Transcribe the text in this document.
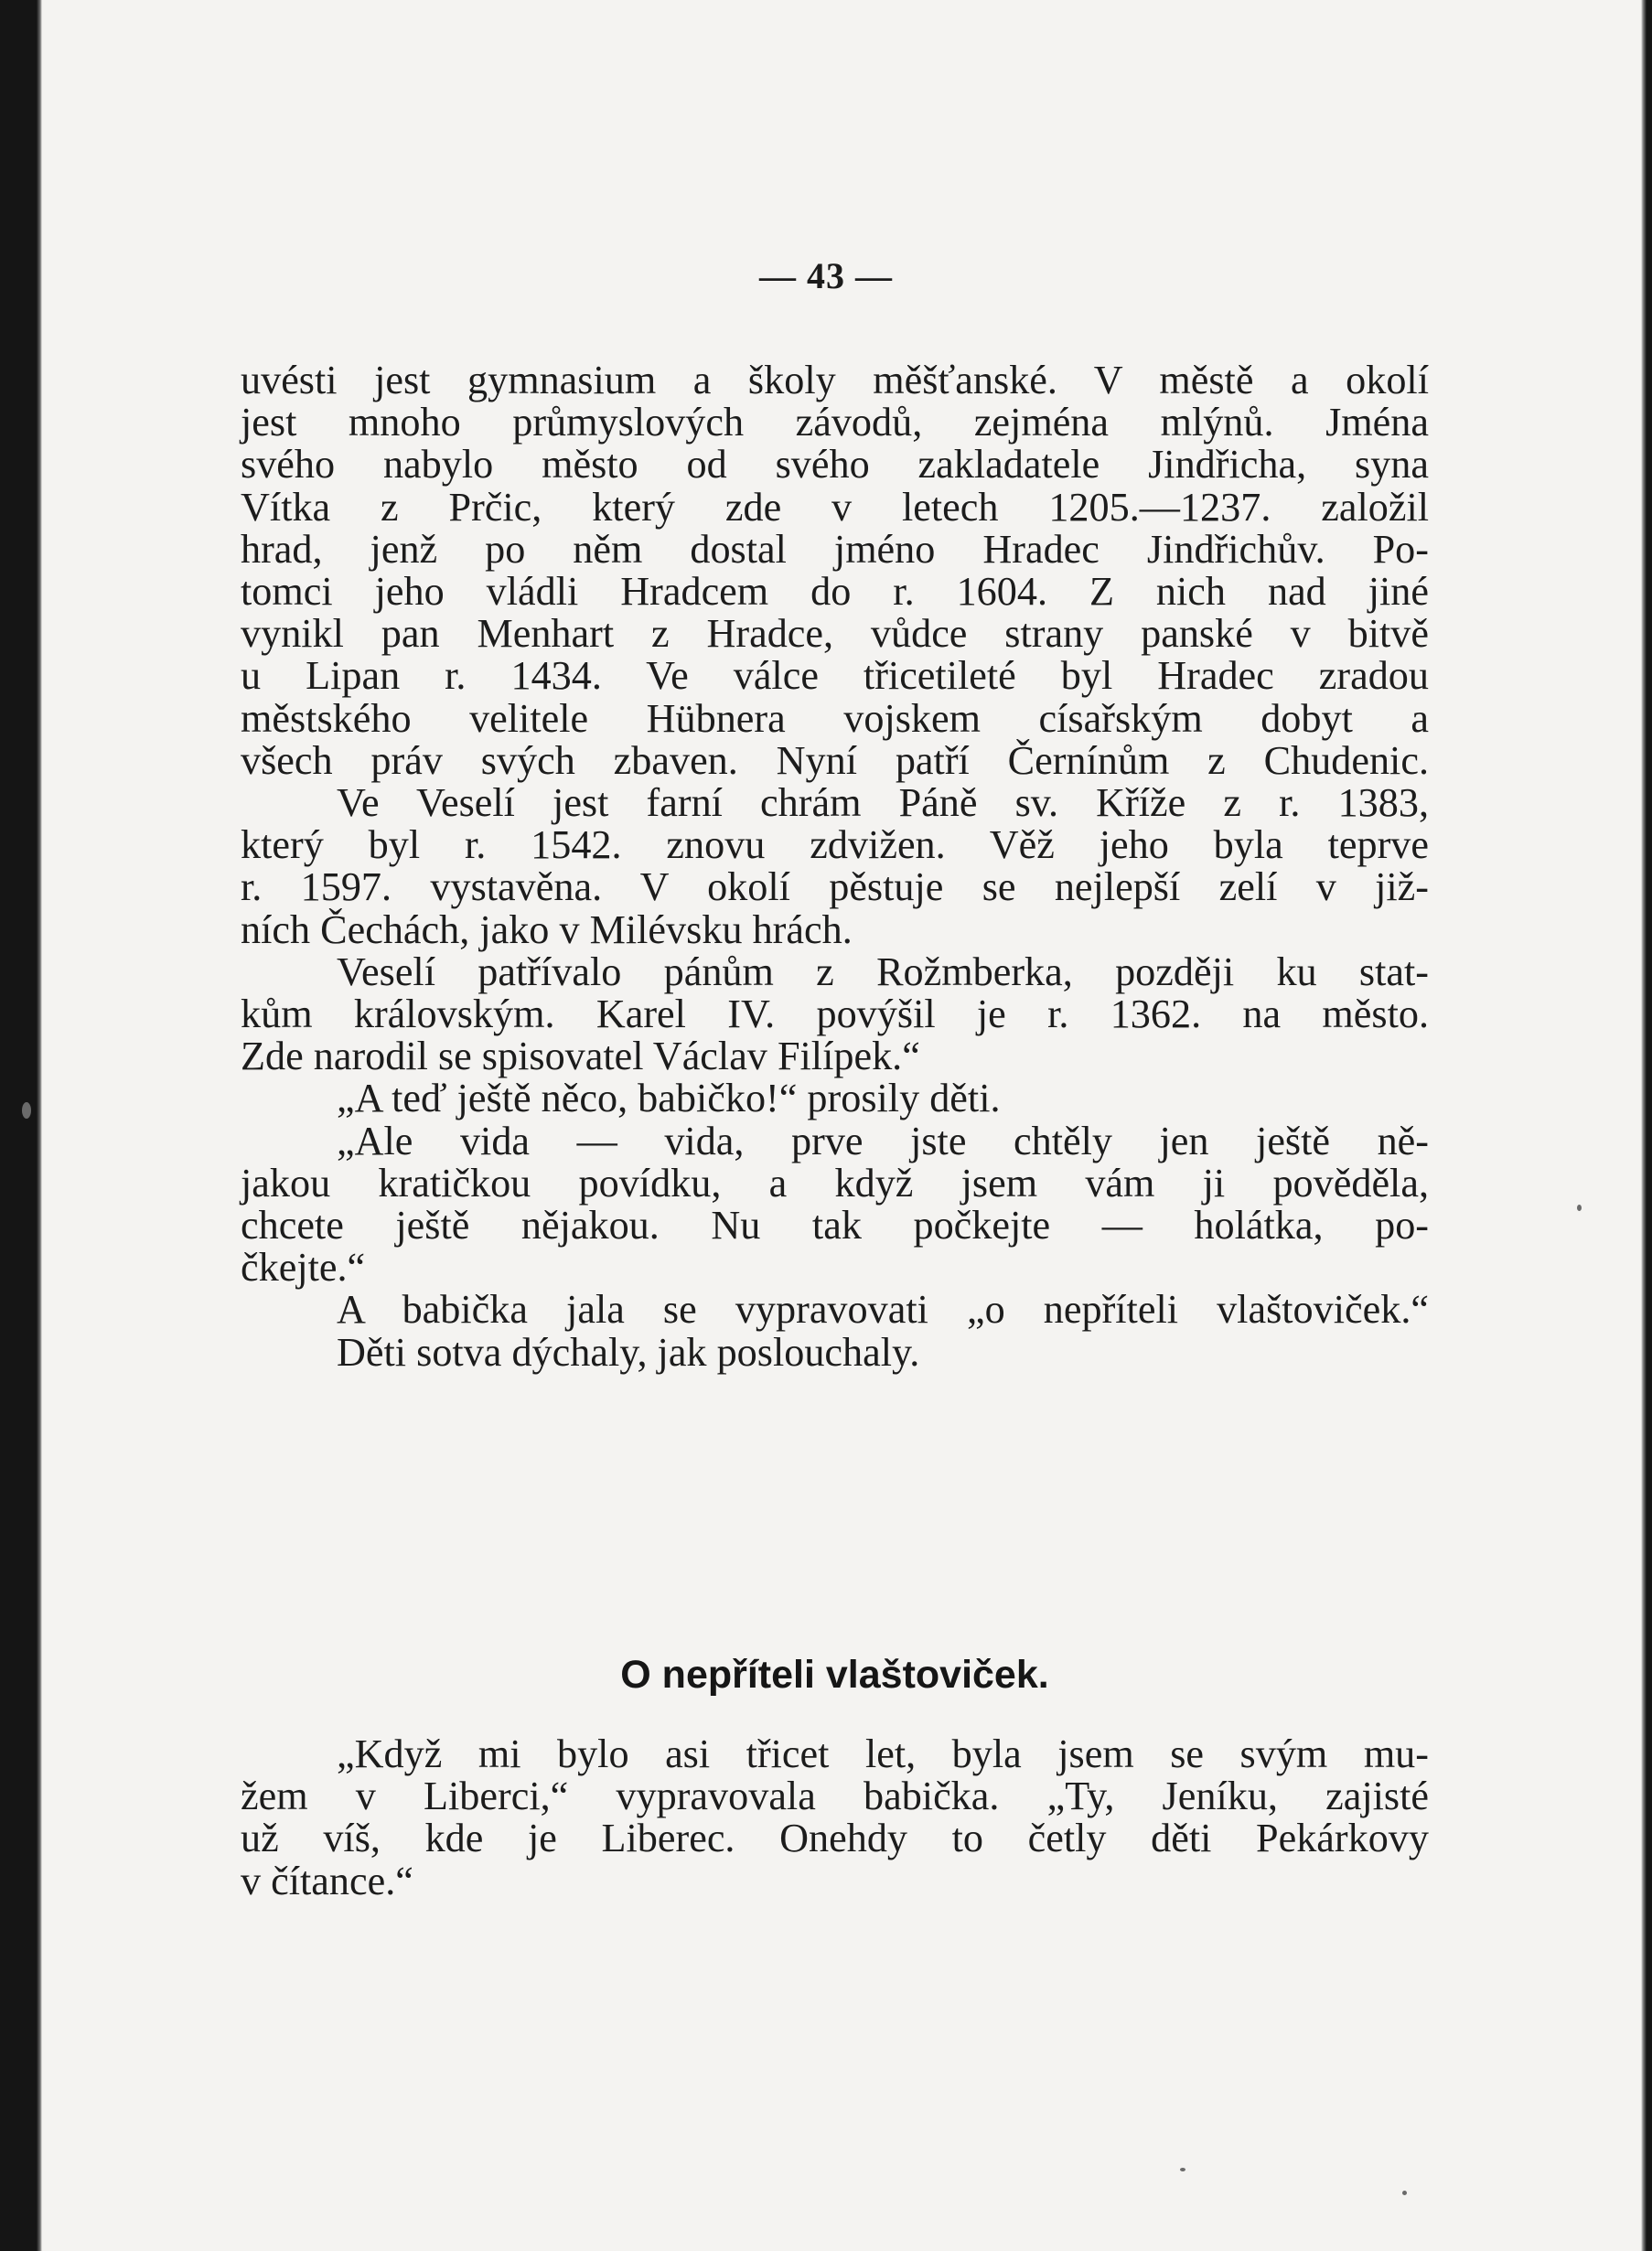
— 43 —
uvésti jest gymnasium a školy měšťanské. V městě a okolí
jest mnoho průmyslových závodů, zejména mlýnů. Jména
svého nabylo město od svého zakladatele Jindřicha, syna
Vítka z Prčic, který zde v letech 1205.—1237. založil
hrad, jenž po něm dostal jméno Hradec Jindřichův. Po-
tomci jeho vládli Hradcem do r. 1604. Z nich nad jiné
vynikl pan Menhart z Hradce, vůdce strany panské v bitvě
u Lipan r. 1434. Ve válce třicetileté byl Hradec zradou
městského velitele Hübnera vojskem císařským dobyt a
všech práv svých zbaven. Nyní patří Černínům z Chudenic.
Ve Veselí jest farní chrám Páně sv. Kříže z r. 1383,
který byl r. 1542. znovu zdvižen. Věž jeho byla teprve
r. 1597. vystavěna. V okolí pěstuje se nejlepší zelí v již-
ních Čechách, jako v Milévsku hrách.
Veselí patřívalo pánům z Rožmberka, později ku stat-
kům královským. Karel IV. povýšil je r. 1362. na město.
Zde narodil se spisovatel Václav Filípek.“
„A teď ještě něco, babičko!“ prosily děti.
„Ale vida — vida, prve jste chtěly jen ještě ně-
jakou kratičkou povídku, a když jsem vám ji pověděla,
chcete ještě nějakou. Nu tak počkejte — holátka, po-
čkejte.“
A babička jala se vypravovati „o nepříteli vlaštoviček.“
Děti sotva dýchaly, jak poslouchaly.
O nepříteli vlaštoviček.
„Když mi bylo asi třicet let, byla jsem se svým mu-
žem v Liberci,“ vypravovala babička. „Ty, Jeníku, zajisté
už víš, kde je Liberec. Onehdy to četly děti Pekárkovy
v čítance.“
